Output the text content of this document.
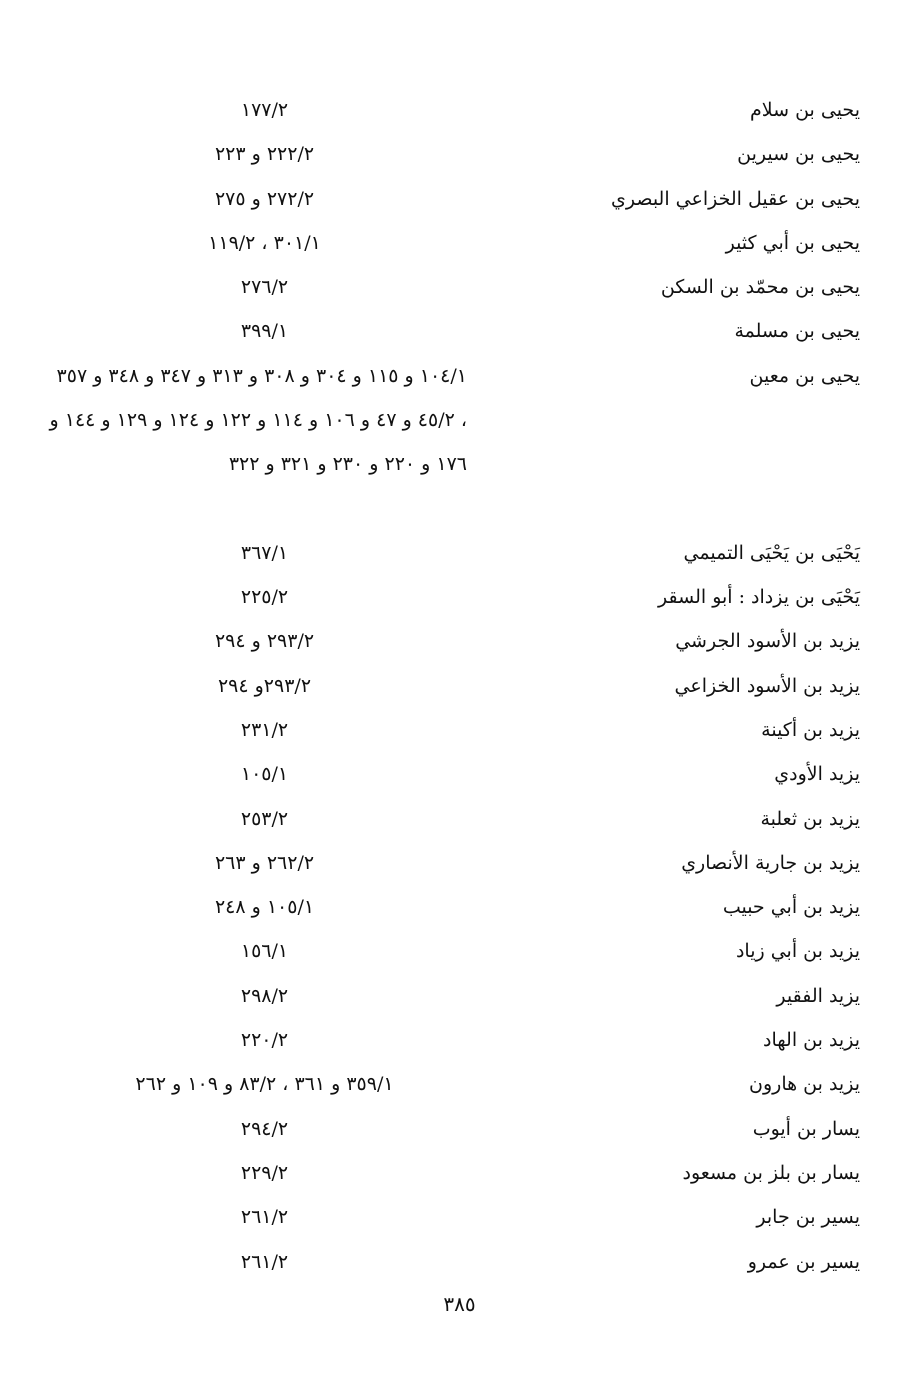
يحيى بن سلام
١٧٧/٢
يحيى بن سيرين
٢٢٢/٢ و ٢٢٣
يحيى بن عقيل الخزاعي البصري
٢٧٢/٢ و ٢٧٥
يحيى بن أبي كثير
٣٠١/١ ، ١١٩/٢
يحيى بن محمّد بن السكن
٢٧٦/٢
يحيى بن مسلمة
٣٩٩/١
يحيى بن معين
١٠٤/١ و ١١٥ و ٣٠٤ و ٣٠٨ و ٣١٣ و ٣٤٧ و ٣٤٨ و ٣٥٧ ، ٤٥/٢ و ٤٧ و ١٠٦ و ١١٤ و ١٢٢ و ١٢٤ و ١٢٩ و ١٤٤ و ١٧٦ و ٢٢٠ و ٢٣٠ و ٣٢١ و ٣٢٢
يَحْيَى بن يَحْيَى التميمي
٣٦٧/١
يَحْيَى بن يزداد : أبو السقر
٢٢٥/٢
يزيد بن الأسود الجرشي
٢٩٣/٢ و ٢٩٤
يزيد بن الأسود الخزاعي
٢٩٣/٢و ٢٩٤
يزيد بن أكينة
٢٣١/٢
يزيد الأودي
١٠٥/١
يزيد بن ثعلبة
٢٥٣/٢
يزيد بن جارية الأنصاري
٢٦٢/٢ و ٢٦٣
يزيد بن أبي حبيب
١٠٥/١ و ٢٤٨
يزيد بن أبي زياد
١٥٦/١
يزيد الفقير
٢٩٨/٢
يزيد بن الهاد
٢٢٠/٢
يزيد بن هارون
٣٥٩/١ و ٣٦١ ، ٨٣/٢ و ١٠٩ و ٢٦٢
يسار بن أيوب
٢٩٤/٢
يسار بن بلز بن مسعود
٢٢٩/٢
يسير بن جابر
٢٦١/٢
يسير بن عمرو
٢٦١/٢
٣٨٥
